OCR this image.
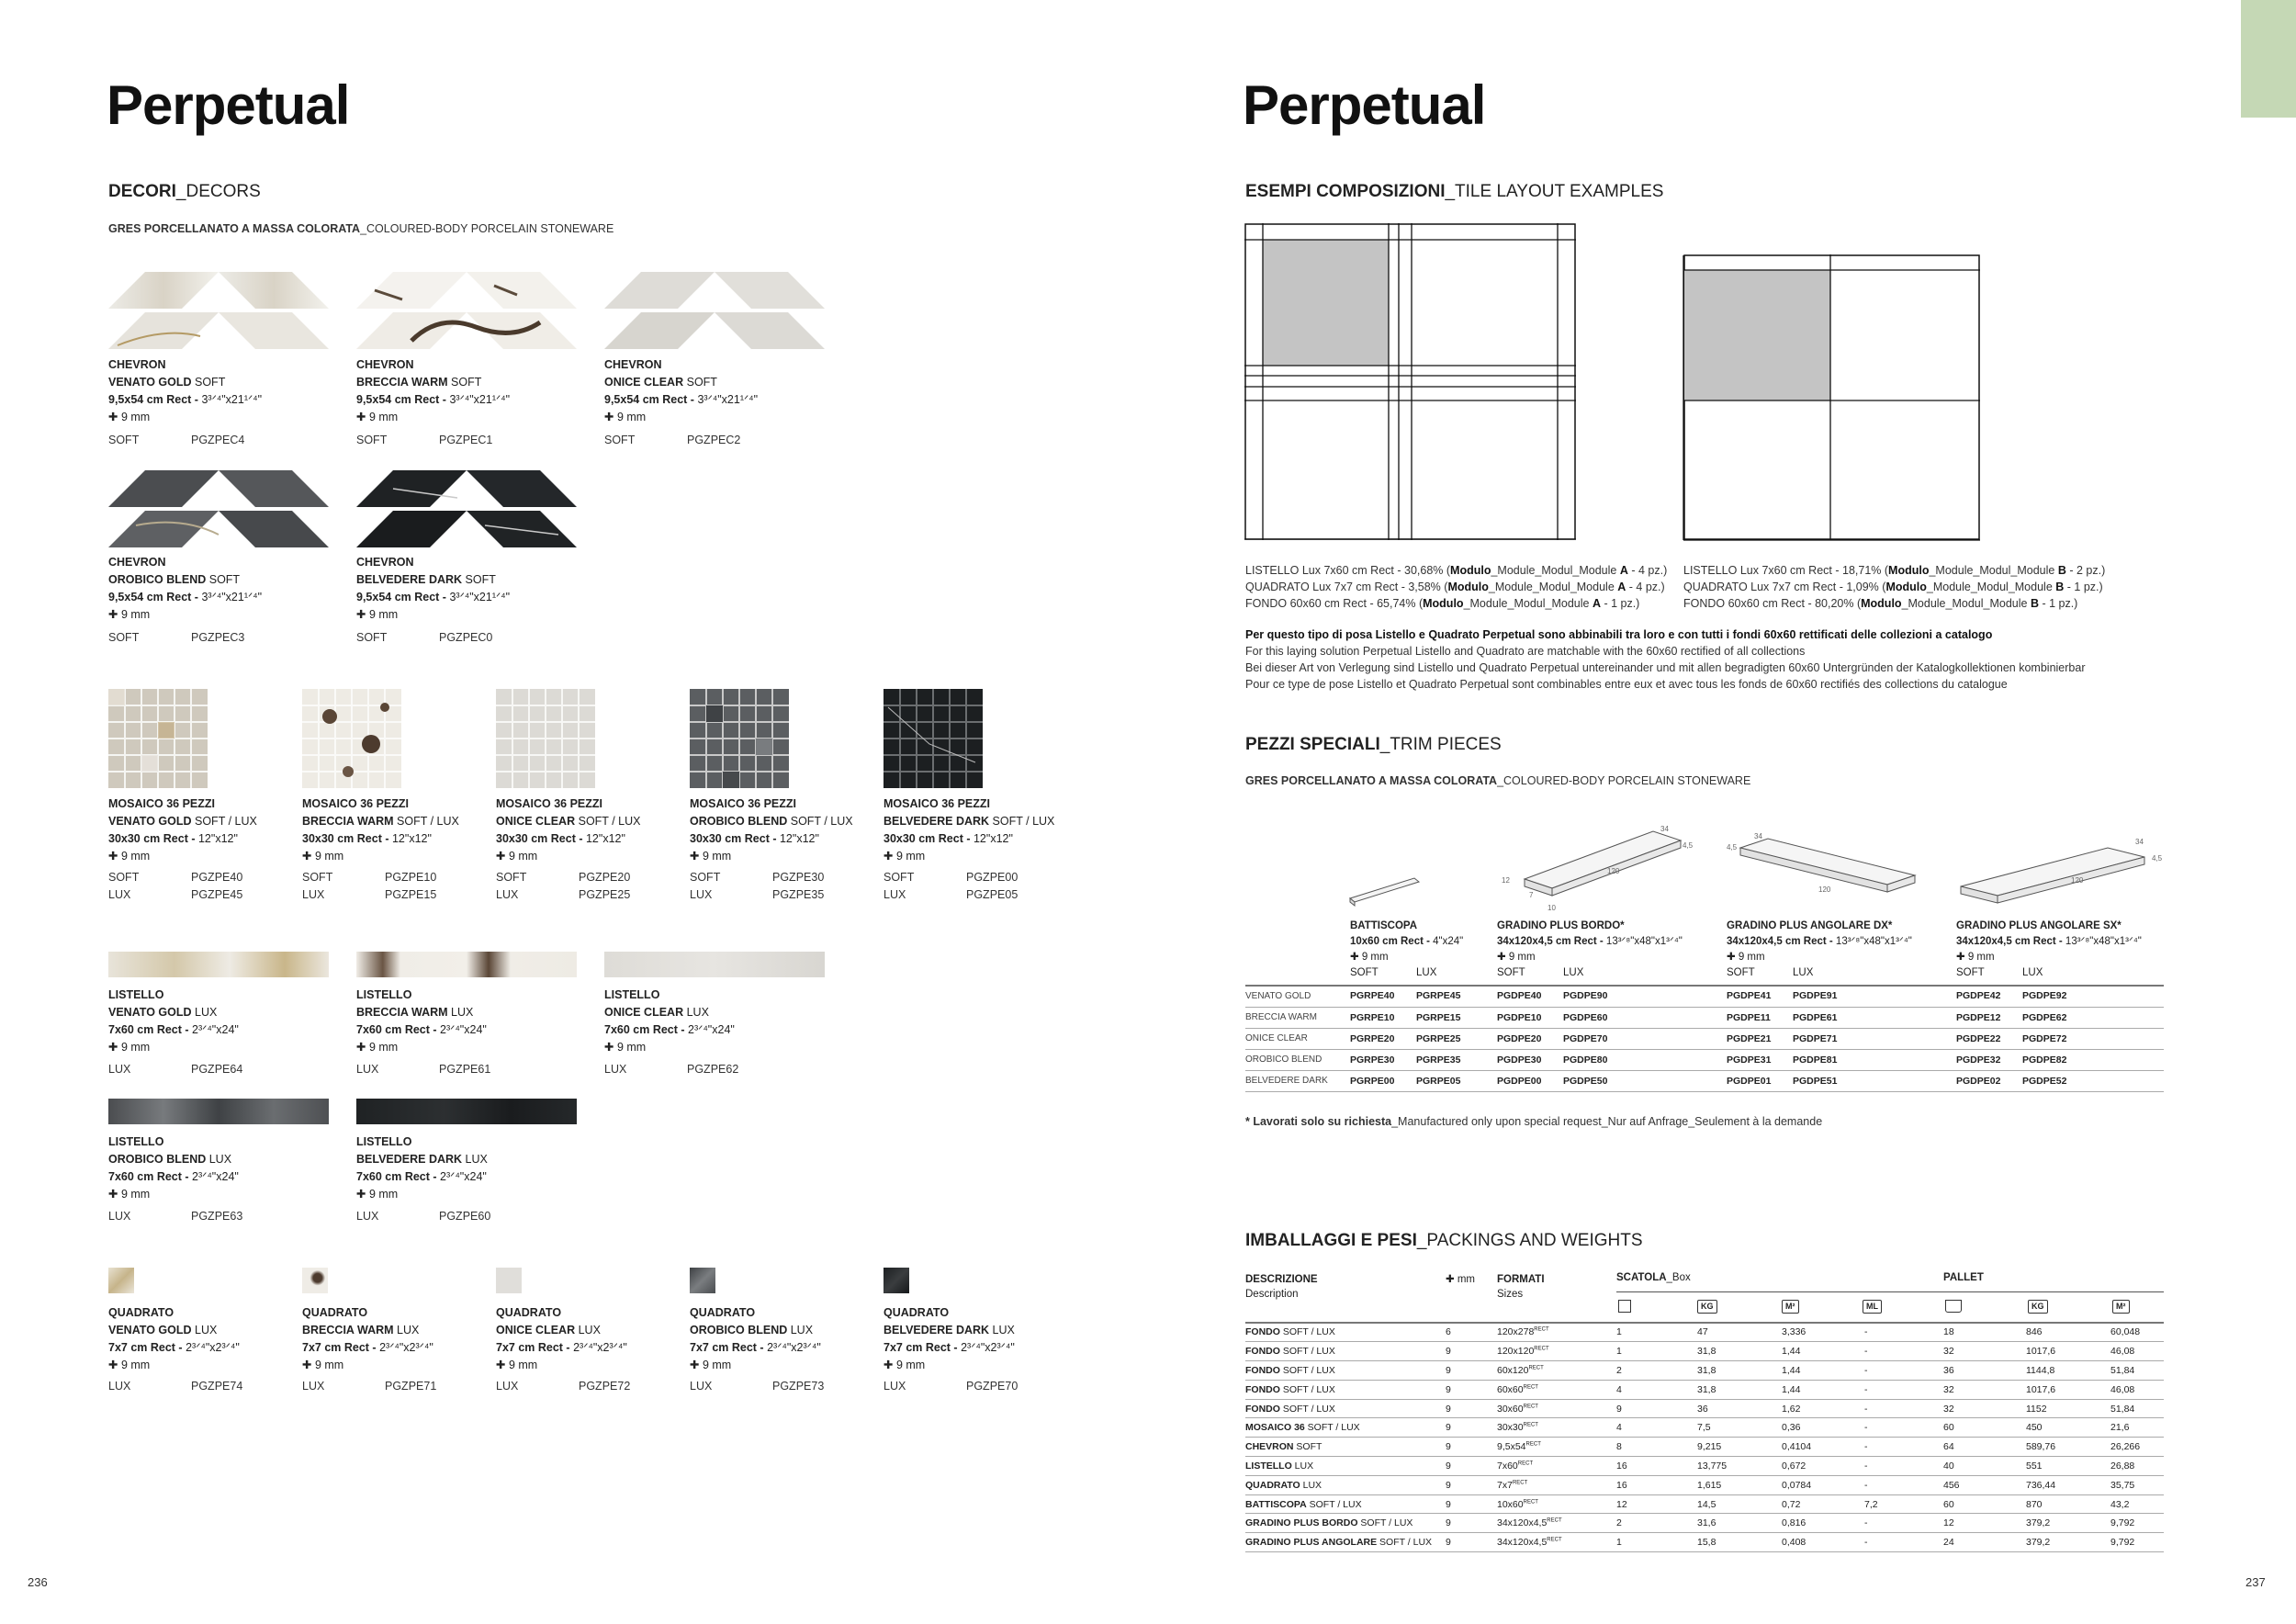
Perpetual	Perpetual
DECORI_DECORS
GRES PORCELLANATO A MASSA COLORATA_COLOURED-BODY PORCELAIN STONEWARE
CHEVRON
VENATO GOLD SOFT
9,5x54 cm Rect - 3³ᐟ⁴"x21¹ᐟ⁴"
✚ 9 mm
SOFT	PGZPEC4
CHEVRON
BRECCIA WARM SOFT
9,5x54 cm Rect - 3³ᐟ⁴"x21¹ᐟ⁴"
✚ 9 mm
SOFT	PGZPEC1
CHEVRON
ONICE CLEAR SOFT
9,5x54 cm Rect - 3³ᐟ⁴"x21¹ᐟ⁴"
✚ 9 mm
SOFT	PGZPEC2
CHEVRON
OROBICO BLEND SOFT
9,5x54 cm Rect - 3³ᐟ⁴"x21¹ᐟ⁴"
✚ 9 mm
SOFT	PGZPEC3
CHEVRON
BELVEDERE DARK SOFT
9,5x54 cm Rect - 3³ᐟ⁴"x21¹ᐟ⁴"
✚ 9 mm
SOFT	PGZPEC0
MOSAICO 36 PEZZI
VENATO GOLD SOFT / LUX
30x30 cm Rect - 12"x12"
✚ 9 mm
SOFT	PGZPE40
LUX	PGZPE45
MOSAICO 36 PEZZI
BRECCIA WARM SOFT / LUX
30x30 cm Rect - 12"x12"
✚ 9 mm
SOFT	PGZPE10
LUX	PGZPE15
MOSAICO 36 PEZZI
ONICE CLEAR SOFT / LUX
30x30 cm Rect - 12"x12"
✚ 9 mm
SOFT	PGZPE20
LUX	PGZPE25
MOSAICO 36 PEZZI
OROBICO BLEND SOFT / LUX
30x30 cm Rect - 12"x12"
✚ 9 mm
SOFT	PGZPE30
LUX	PGZPE35
MOSAICO 36 PEZZI
BELVEDERE DARK SOFT / LUX
30x30 cm Rect - 12"x12"
✚ 9 mm
SOFT	PGZPE00
LUX	PGZPE05
LISTELLO
VENATO GOLD LUX
7x60 cm Rect - 2³ᐟ⁴"x24"
✚ 9 mm
LUX	PGZPE64
LISTELLO
BRECCIA WARM LUX
7x60 cm Rect - 2³ᐟ⁴"x24"
✚ 9 mm
LUX	PGZPE61
LISTELLO
ONICE CLEAR LUX
7x60 cm Rect - 2³ᐟ⁴"x24"
✚ 9 mm
LUX	PGZPE62
LISTELLO
OROBICO BLEND LUX
7x60 cm Rect - 2³ᐟ⁴"x24"
✚ 9 mm
LUX	PGZPE63
LISTELLO
BELVEDERE DARK LUX
7x60 cm Rect - 2³ᐟ⁴"x24"
✚ 9 mm
LUX	PGZPE60
QUADRATO
VENATO GOLD LUX
7x7 cm Rect - 2³ᐟ⁴"x2³ᐟ⁴"
✚ 9 mm
LUX	PGZPE74
QUADRATO
BRECCIA WARM LUX
7x7 cm Rect - 2³ᐟ⁴"x2³ᐟ⁴"
✚ 9 mm
LUX	PGZPE71
QUADRATO
ONICE CLEAR LUX
7x7 cm Rect - 2³ᐟ⁴"x2³ᐟ⁴"
✚ 9 mm
LUX	PGZPE72
QUADRATO
OROBICO BLEND LUX
7x7 cm Rect - 2³ᐟ⁴"x2³ᐟ⁴"
✚ 9 mm
LUX	PGZPE73
QUADRATO
BELVEDERE DARK LUX
7x7 cm Rect - 2³ᐟ⁴"x2³ᐟ⁴"
✚ 9 mm
LUX	PGZPE70
236	237
ESEMPI COMPOSIZIONI_TILE LAYOUT EXAMPLES
LISTELLO Lux 7x60 cm Rect - 30,68% (Modulo_Module_Modul_Module A - 4 pz.)
QUADRATO Lux 7x7 cm Rect - 3,58% (Modulo_Module_Modul_Module A - 4 pz.)
FONDO 60x60 cm Rect - 65,74% (Modulo_Module_Modul_Module A - 1 pz.)
LISTELLO Lux 7x60 cm Rect - 18,71% (Modulo_Module_Modul_Module B - 2 pz.)
QUADRATO Lux 7x7 cm Rect - 1,09% (Modulo_Module_Modul_Module B - 1 pz.)
FONDO 60x60 cm Rect - 80,20% (Modulo_Module_Modul_Module B - 1 pz.)
Per questo tipo di posa Listello e Quadrato Perpetual sono abbinabili tra loro e con tutti i fondi 60x60 rettificati delle collezioni a catalogo
For this laying solution Perpetual Listello and Quadrato are matchable with the 60x60 rectified of all collections
Bei dieser Art von Verlegung sind Listello und Quadrato Perpetual untereinander und mit allen begradigten 60x60 Untergründen der Katalogkollektionen kombinierbar
Pour ce type de pose Listello et Quadrato Perpetual sont combinables entre eux et avec tous les fonds de 60x60 rectifiés des collections du catalogue
PEZZI SPECIALI_TRIM PIECES
GRES PORCELLANATO A MASSA COLORATA_COLOURED-BODY PORCELAIN STONEWARE
34
4,5
120
12
7
10
34
4,5
120
34
4,5
120
BATTISCOPA
10x60 cm Rect - 4"x24"
✚ 9 mm
SOFT	LUX
GRADINO PLUS BORDO*
34x120x4,5 cm Rect - 13³ᐟ⁸"x48"x1³ᐟ⁴"
✚ 9 mm
SOFT	LUX
GRADINO PLUS ANGOLARE DX*
34x120x4,5 cm Rect - 13³ᐟ⁸"x48"x1³ᐟ⁴"
✚ 9 mm
SOFT	LUX
GRADINO PLUS ANGOLARE SX*
34x120x4,5 cm Rect - 13³ᐟ⁸"x48"x1³ᐟ⁴"
✚ 9 mm
SOFT	LUX
VENATO GOLD	PGRPE40	PGRPE45	PGDPE40	PGDPE90	PGDPE41	PGDPE91	PGDPE42	PGDPE92
BRECCIA WARM	PGRPE10	PGRPE15	PGDPE10	PGDPE60	PGDPE11	PGDPE61	PGDPE12	PGDPE62
ONICE CLEAR	PGRPE20	PGRPE25	PGDPE20	PGDPE70	PGDPE21	PGDPE71	PGDPE22	PGDPE72
OROBICO BLEND	PGRPE30	PGRPE35	PGDPE30	PGDPE80	PGDPE31	PGDPE81	PGDPE32	PGDPE82
BELVEDERE DARK	PGRPE00	PGRPE05	PGDPE00	PGDPE50	PGDPE01	PGDPE51	PGDPE02	PGDPE52
* Lavorati solo su richiesta_Manufactured only upon special request_Nur auf Anfrage_Seulement à la demande
IMBALLAGGI E PESI_PACKINGS AND WEIGHTS
DESCRIZIONE
Description
✚ mm FORMATI
Sizes
SCATOLA_Box	PALLET
KG	M²	ML	KG	M²
FONDO SOFT / LUX	6	$120x278^{RECT}$	1	47	3,336	-	18	846	60,048
FONDO SOFT / LUX	9	$120x120^{RECT}$	1	31,8	1,44	-	32	1017,6	46,08
FONDO SOFT / LUX	9	$60x120^{RECT}$	2	31,8	1,44	-	36	1144,8	51,84
FONDO SOFT / LUX	9	$60x60^{RECT}$	4	31,8	1,44	-	32	1017,6	46,08
FONDO SOFT / LUX	9	$30x60^{RECT}$	9	36	1,62	-	32	1152	51,84
MOSAICO 36 SOFT / LUX	9	$30x30^{RECT}$	4	7,5	0,36	-	60	450	21,6
CHEVRON SOFT	9	$9,5x54^{RECT}$	8	9,215	0,4104	-	64	589,76	26,266
LISTELLO LUX	9	$7x60^{RECT}$	16	13,775	0,672	-	40	551	26,88
QUADRATO LUX	9	$7x7^{RECT}$	16	1,615	0,0784	-	456	736,44	35,75
BATTISCOPA SOFT / LUX	9	$10x60^{RECT}$	12	14,5	0,72	7,2	60	870	43,2
GRADINO PLUS BORDO SOFT / LUX	9	$34x120x4,5^{RECT}$	2	31,6	0,816	-	12	379,2	9,792
GRADINO PLUS ANGOLARE SOFT / LUX	9	$34x120x4,5^{RECT}$	1	15,8	0,408	-	24	379,2	9,792
